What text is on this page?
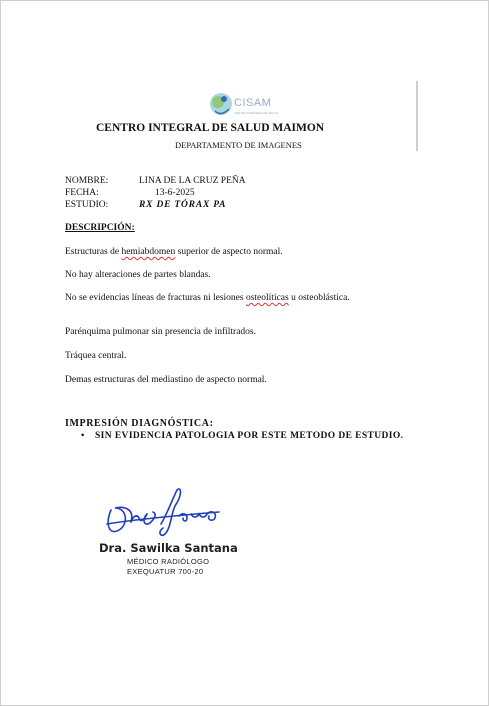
CISAM
CENTRO INTEGRAL DE SALUD
CENTRO INTEGRAL DE SALUD MAIMON
DEPARTAMENTO DE IMAGENES
NOMBRE:	LINA DE LA CRUZ PEÑA
FECHA:	13-6-2025
ESTUDIO:	RX DE TÓRAX PA
DESCRIPCIÓN:
Estructuras de hemiabdomen superior de aspecto normal.
No hay alteraciones de partes blandas.
No se evidencias líneas de fracturas ni lesiones osteolíticas u osteoblástica.
Parénquima pulmonar sin presencia de infiltrados.
Tráquea central.
Demas estructuras del mediastino de aspecto normal.
IMPRESIÓN DIAGNÓSTICA:
• SIN EVIDENCIA PATOLOGIA POR ESTE METODO DE ESTUDIO.
Dra. Sawilka Santana
MÉDICO RADIÓLOGO
EXEQUATUR 700-20
